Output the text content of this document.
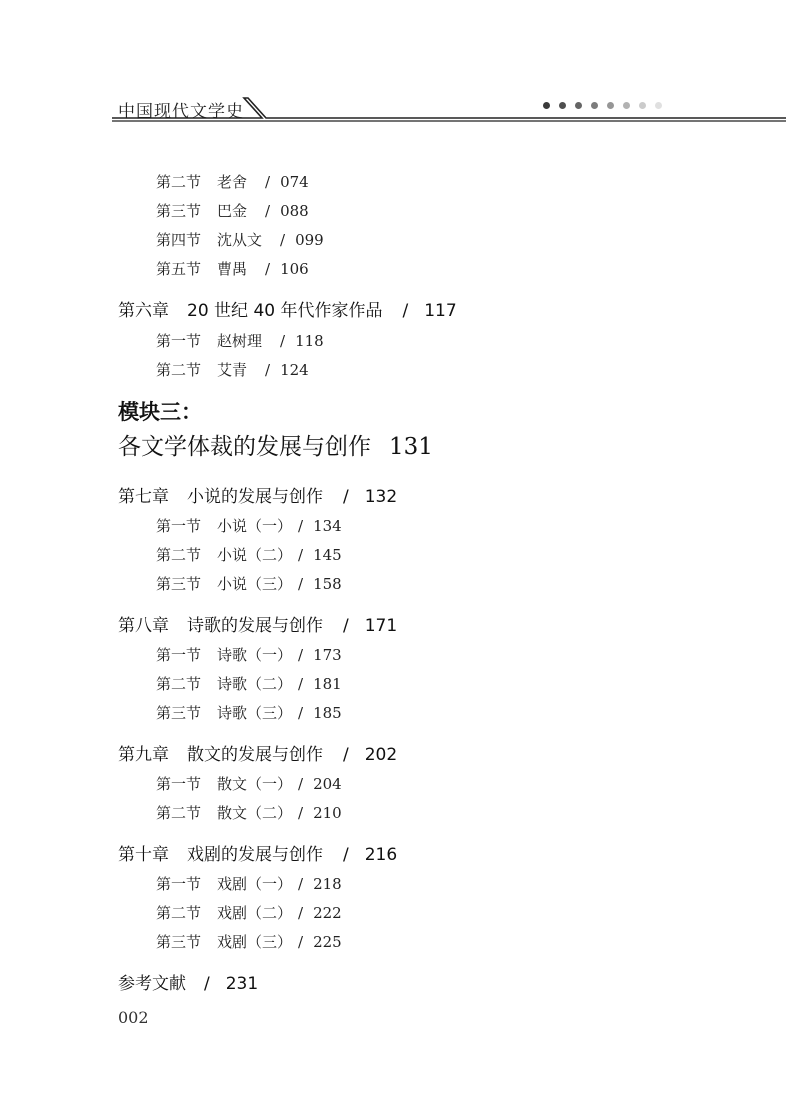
中国现代文学史
第二节 老舍 / 074
第三节 巴金 / 088
第四节 沈从文 / 099
第五节 曹禺 / 106
第六章 20 世纪 40 年代作家作品 / 117
第一节 赵树理 / 118
第二节 艾青 / 124
模块三：
各文学体裁的发展与创作 131
第七章 小说的发展与创作 / 132
第一节 小说（一） / 134
第二节 小说（二） / 145
第三节 小说（三） / 158
第八章 诗歌的发展与创作 / 171
第一节 诗歌（一） / 173
第二节 诗歌（二） / 181
第三节 诗歌（三） / 185
第九章 散文的发展与创作 / 202
第一节 散文（一） / 204
第二节 散文（二） / 210
第十章 戏剧的发展与创作 / 216
第一节 戏剧（一） / 218
第二节 戏剧（二） / 222
第三节 戏剧（三） / 225
参考文献 / 231
002
